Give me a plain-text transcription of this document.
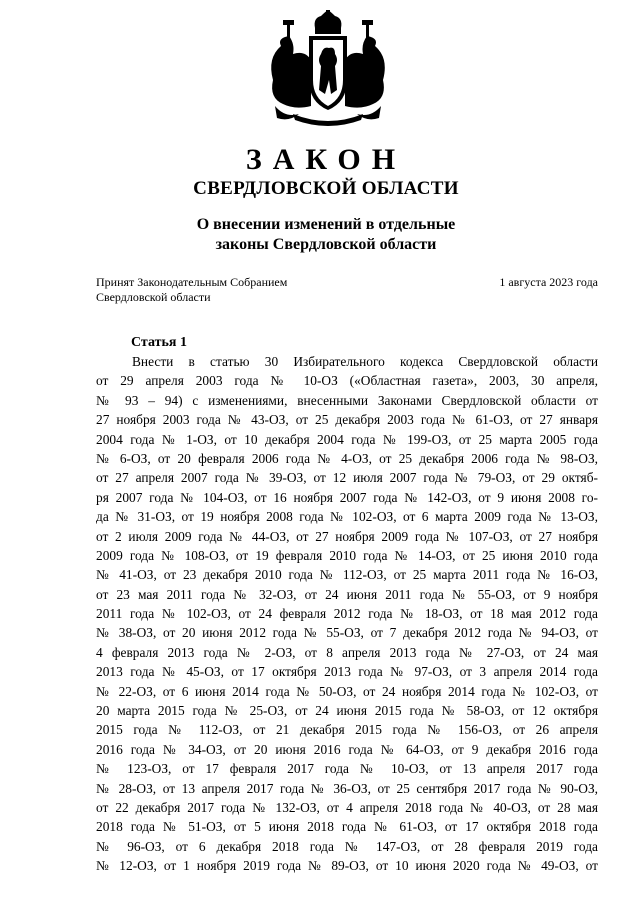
ЗАКОН
СВЕРДЛОВСКОЙ ОБЛАСТИ
О внесении изменений в отдельные
законы Свердловской области
Принят Законодательным Собранием
Свердловской области
1 августа 2023 года
Статья 1
Внести в статью 30 Избирательного кодекса Свердловской области
от 29 апреля 2003 года № 10-ОЗ («Областная газета», 2003, 30 апреля,
№ 93 – 94) с изменениями, внесенными Законами Свердловской области от
27 ноября 2003 года № 43-ОЗ, от 25 декабря 2003 года № 61-ОЗ, от 27 января
2004 года № 1-ОЗ, от 10 декабря 2004 года № 199-ОЗ, от 25 марта 2005 года
№ 6-ОЗ, от 20 февраля 2006 года № 4-ОЗ, от 25 декабря 2006 года № 98-ОЗ,
от 27 апреля 2007 года № 39-ОЗ, от 12 июля 2007 года № 79-ОЗ, от 29 октяб-
ря 2007 года № 104-ОЗ, от 16 ноября 2007 года № 142-ОЗ, от 9 июня 2008 го-
да № 31-ОЗ, от 19 ноября 2008 года № 102-ОЗ, от 6 марта 2009 года № 13-ОЗ,
от 2 июля 2009 года № 44-ОЗ, от 27 ноября 2009 года № 107-ОЗ, от 27 ноября
2009 года № 108-ОЗ, от 19 февраля 2010 года № 14-ОЗ, от 25 июня 2010 года
№ 41-ОЗ, от 23 декабря 2010 года № 112-ОЗ, от 25 марта 2011 года № 16-ОЗ,
от 23 мая 2011 года № 32-ОЗ, от 24 июня 2011 года № 55-ОЗ, от 9 ноября
2011 года № 102-ОЗ, от 24 февраля 2012 года № 18-ОЗ, от 18 мая 2012 года
№ 38-ОЗ, от 20 июня 2012 года № 55-ОЗ, от 7 декабря 2012 года № 94-ОЗ, от
4 февраля 2013 года № 2-ОЗ, от 8 апреля 2013 года № 27-ОЗ, от 24 мая
2013 года № 45-ОЗ, от 17 октября 2013 года № 97-ОЗ, от 3 апреля 2014 года
№ 22-ОЗ, от 6 июня 2014 года № 50-ОЗ, от 24 ноября 2014 года № 102-ОЗ, от
20 марта 2015 года № 25-ОЗ, от 24 июня 2015 года № 58-ОЗ, от 12 октября
2015 года № 112-ОЗ, от 21 декабря 2015 года № 156-ОЗ, от 26 апреля
2016 года № 34-ОЗ, от 20 июня 2016 года № 64-ОЗ, от 9 декабря 2016 года
№ 123-ОЗ, от 17 февраля 2017 года № 10-ОЗ, от 13 апреля 2017 года
№ 28-ОЗ, от 13 апреля 2017 года № 36-ОЗ, от 25 сентября 2017 года № 90-ОЗ,
от 22 декабря 2017 года № 132-ОЗ, от 4 апреля 2018 года № 40-ОЗ, от 28 мая
2018 года № 51-ОЗ, от 5 июня 2018 года № 61-ОЗ, от 17 октября 2018 года
№ 96-ОЗ, от 6 декабря 2018 года № 147-ОЗ, от 28 февраля 2019 года
№ 12-ОЗ, от 1 ноября 2019 года № 89-ОЗ, от 10 июня 2020 года № 49-ОЗ, от
